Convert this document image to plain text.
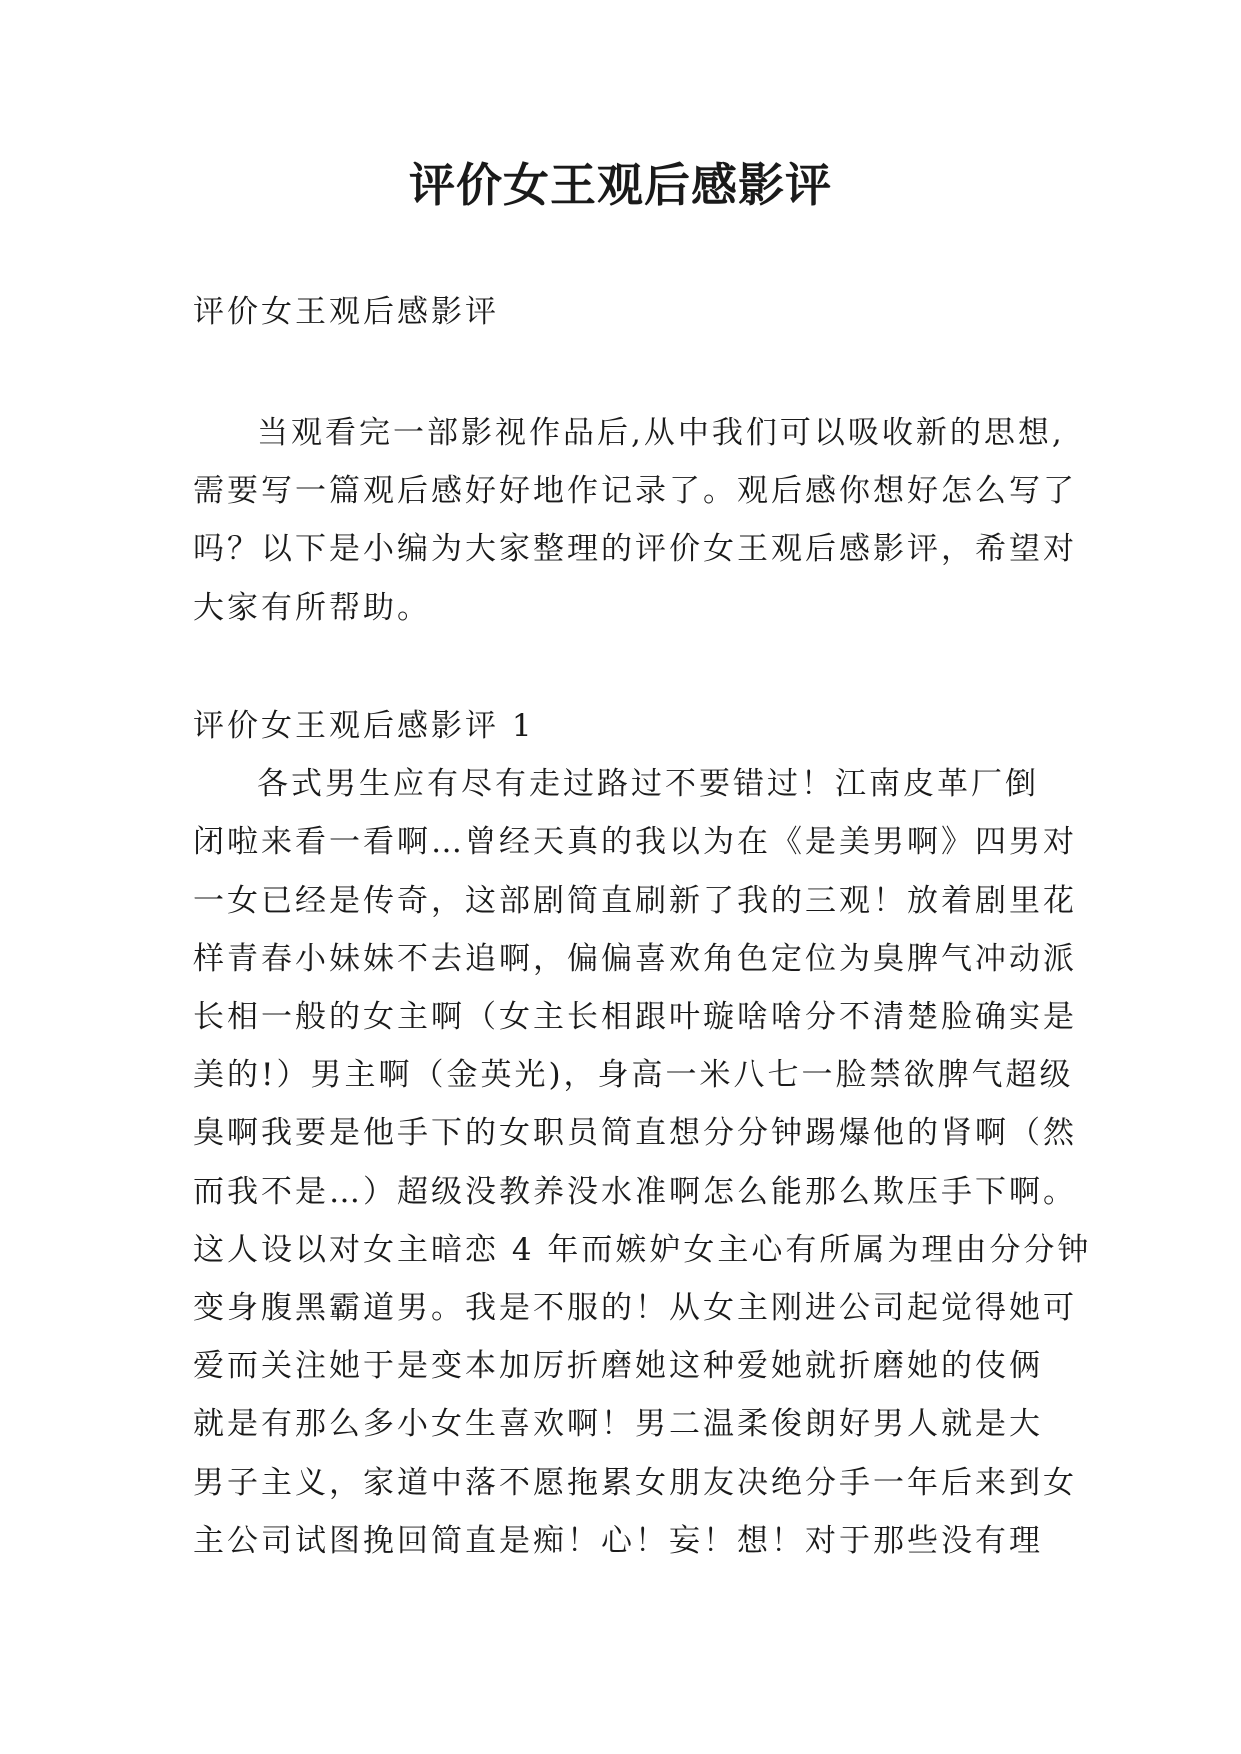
评价女王观后感影评

评价女王观后感影评

当观看完一部影视作品后,从中我们可以吸收新的思想,
需要写一篇观后感好好地作记录了。观后感你想好怎么写了
吗？以下是小编为大家整理的评价女王观后感影评，希望对
大家有所帮助。
评价女王观后感影评 1
各式男生应有尽有走过路过不要错过！江南皮革厂倒
闭啦来看一看啊…曾经天真的我以为在《是美男啊》四男对
一女已经是传奇，这部剧简直刷新了我的三观！放着剧里花
样青春小妹妹不去追啊，偏偏喜欢角色定位为臭脾气冲动派
长相一般的女主啊（女主长相跟叶璇啥啥分不清楚脸确实是
美的!）男主啊（金英光)，身高一米八七一脸禁欲脾气超级
臭啊我要是他手下的女职员简直想分分钟踢爆他的肾啊（然
而我不是…）超级没教养没水准啊怎么能那么欺压手下啊。
这人设以对女主暗恋 4 年而嫉妒女主心有所属为理由分分钟
变身腹黑霸道男。我是不服的！从女主刚进公司起觉得她可
爱而关注她于是变本加厉折磨她这种爱她就折磨她的伎俩
就是有那么多小女生喜欢啊！男二温柔俊朗好男人就是大
男子主义，家道中落不愿拖累女朋友决绝分手一年后来到女
主公司试图挽回简直是痴！心！妄！想！对于那些没有理
